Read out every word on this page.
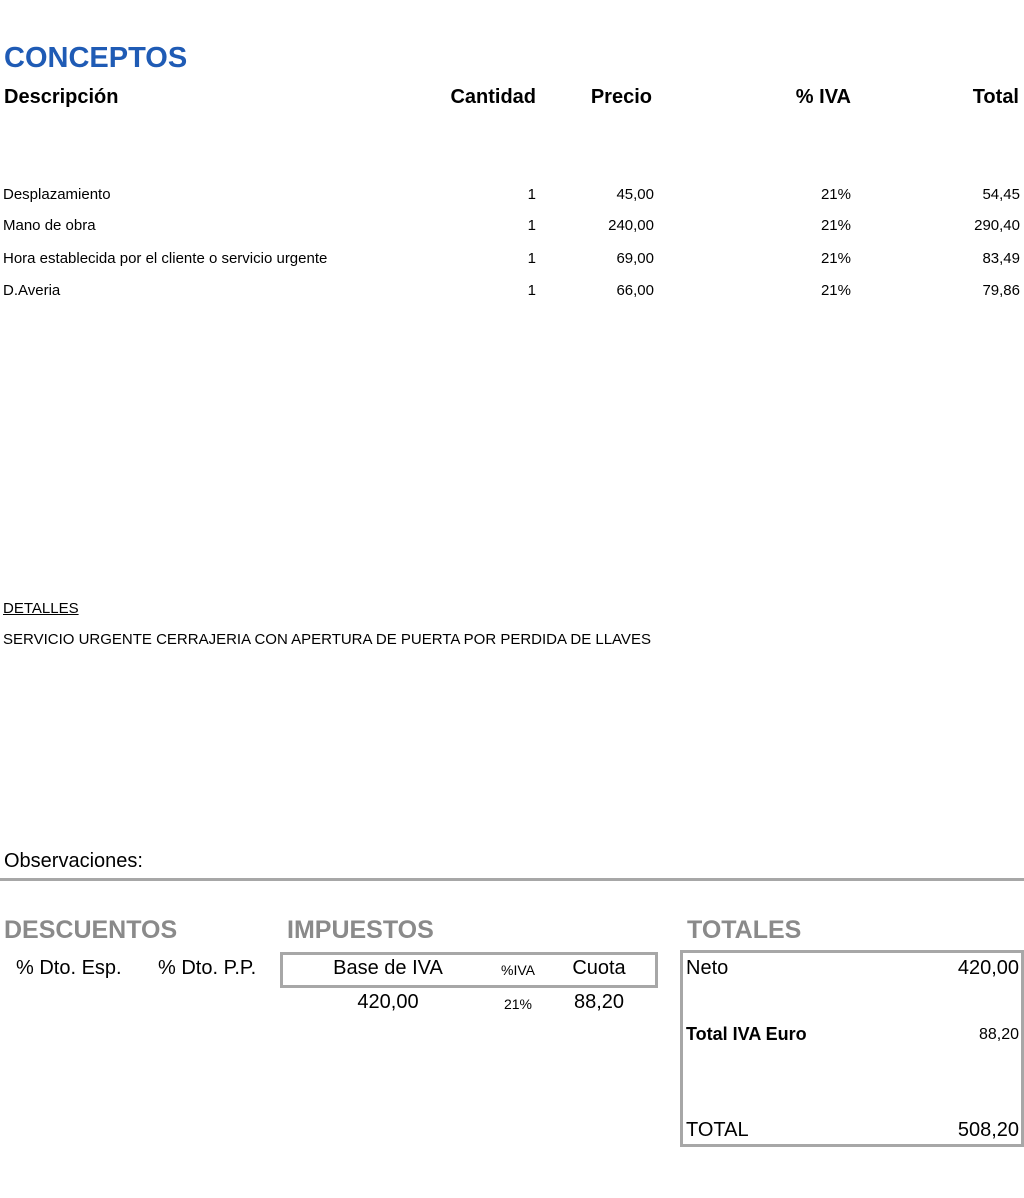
CONCEPTOS
Descripción	Cantidad	Precio	% IVA	Total
Desplazamiento	1	45,00	21%	54,45
Mano de obra	1	240,00	21%	290,40
Hora establecida por el cliente o servicio urgente	1	69,00	21%	83,49
D.Averia	1	66,00	21%	79,86
DETALLES
SERVICIO URGENTE CERRAJERIA CON APERTURA DE PUERTA POR PERDIDA DE LLAVES
Observaciones:
DESCUENTOS
% Dto. Esp. % Dto. P.P.
IMPUESTOS
Base de IVA	%IVA	Cuota
420,00	21%	88,20
TOTALES
Neto	420,00
Total IVA Euro	88,20
TOTAL	508,20
